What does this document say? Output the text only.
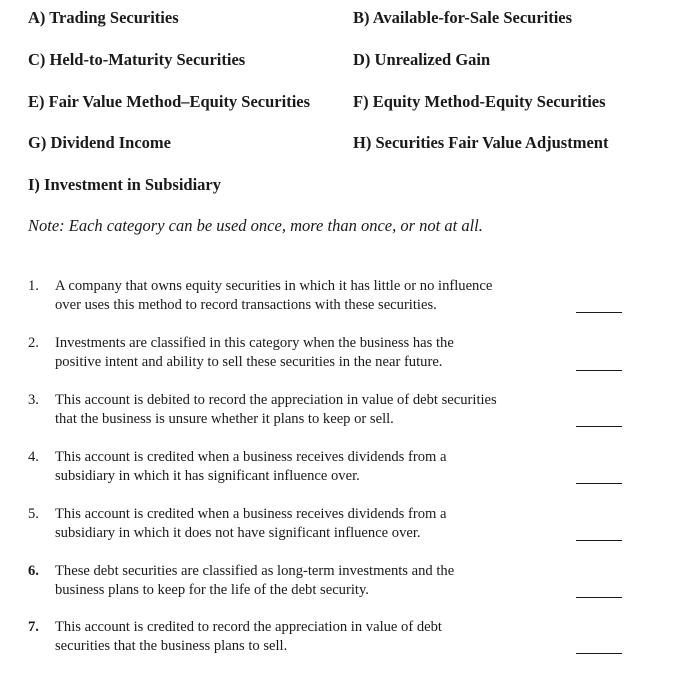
A) Trading Securities	B) Available-for-Sale Securities
C) Held-to-Maturity Securities	D) Unrealized Gain
E) Fair Value Method–Equity Securities	F) Equity Method-Equity Securities
G) Dividend Income	H) Securities Fair Value Adjustment
I) Investment in Subsidiary
Note: Each category can be used once, more than once, or not at all.
1.	A company that owns equity securities in which it has little or no influence
over uses this method to record transactions with these securities.
2.	Investments are classified in this category when the business has the
positive intent and ability to sell these securities in the near future.
3.	This account is debited to record the appreciation in value of debt securities
that the business is unsure whether it plans to keep or sell.
4.	This account is credited when a business receives dividends from a
subsidiary in which it has significant influence over.
5.	This account is credited when a business receives dividends from a
subsidiary in which it does not have significant influence over.
6.	These debt securities are classified as long-term investments and the
business plans to keep for the life of the debt security.
7.	This account is credited to record the appreciation in value of debt
securities that the business plans to sell.
